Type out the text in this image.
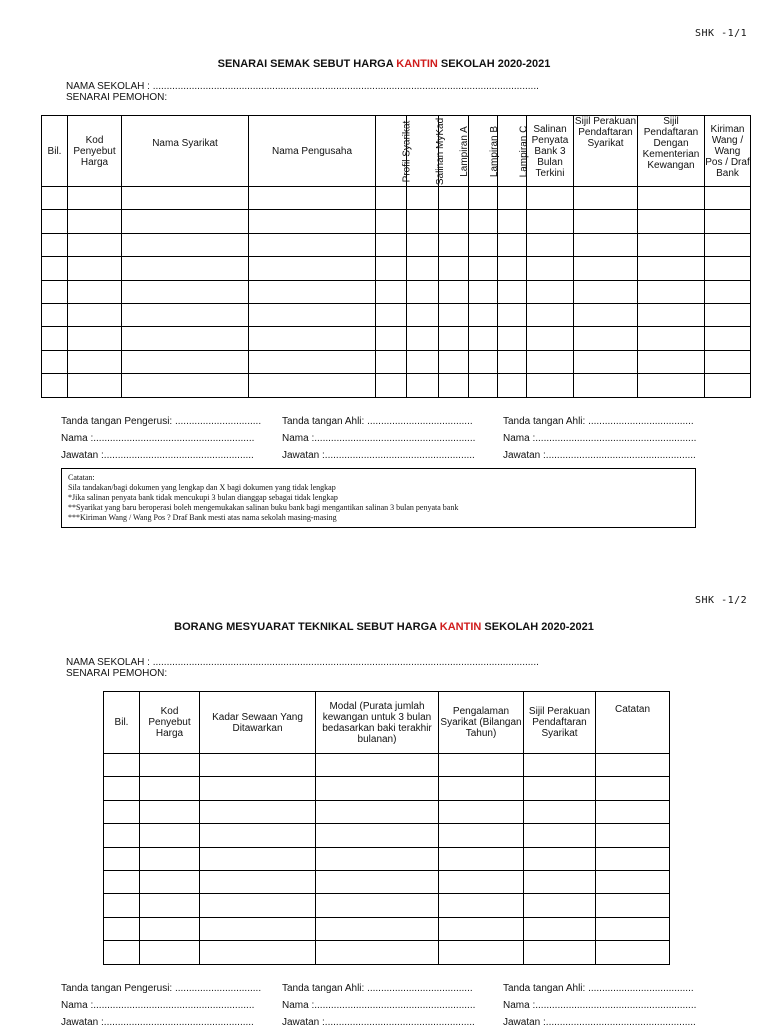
SHK -1/1
SENARAI SEMAK SEBUT HARGA KANTIN SEKOLAH 2020-2021
NAMA SEKOLAH : ...........................................................................................................................................
SENARAI PEMOHON:
Bil.	Kod Penyebut Harga	Nama Syarikat	Nama Pengusaha	Profil Syarikat	Salinan MyKad	Lampiran A	Lampiran B	Lampiran C	Salinan Penyata Bank 3 Bulan Terkini	Sijil Perakuan Pendaftaran Syarikat	Sijil Pendaftaran Dengan Kementerian Kewangan	Kiriman Wang / Wang Pos / Draf Bank

Tanda tangan Pengerusi: ...............................
Nama :..........................................................
Jawatan :......................................................
Tanda tangan Ahli: ......................................
Nama :..........................................................
Jawatan :......................................................
Tanda tangan Ahli: ......................................
Nama :..........................................................
Jawatan :......................................................
Catatan:
Sila tandakan/bagi dokumen yang lengkap dan X bagi dokumen yang tidak lengkap
*Jika salinan penyata bank tidak mencukupi 3 bulan dianggap sebagai tidak lengkap
**Syarikat yang baru beroperasi boleh mengemukakan salinan buku bank bagi mengantikan salinan 3 bulan penyata bank
***Kiriman Wang / Wang Pos ? Draf Bank mesti atas nama sekolah masing-masing
SHK -1/2
BORANG MESYUARAT TEKNIKAL SEBUT HARGA KANTIN SEKOLAH 2020-2021
NAMA SEKOLAH : ...........................................................................................................................................
SENARAI PEMOHON:
Bil.	Kod Penyebut Harga	Kadar Sewaan Yang Ditawarkan	Modal (Purata jumlah kewangan untuk 3 bulan bedasarkan baki terakhir bulanan)	Pengalaman Syarikat (Bilangan Tahun)	Sijil Perakuan Pendaftaran Syarikat	Catatan

Tanda tangan Pengerusi: ...............................
Nama :..........................................................
Jawatan :......................................................
Tanda tangan Ahli: ......................................
Nama :..........................................................
Jawatan :......................................................
Tanda tangan Ahli: ......................................
Nama :..........................................................
Jawatan :......................................................
